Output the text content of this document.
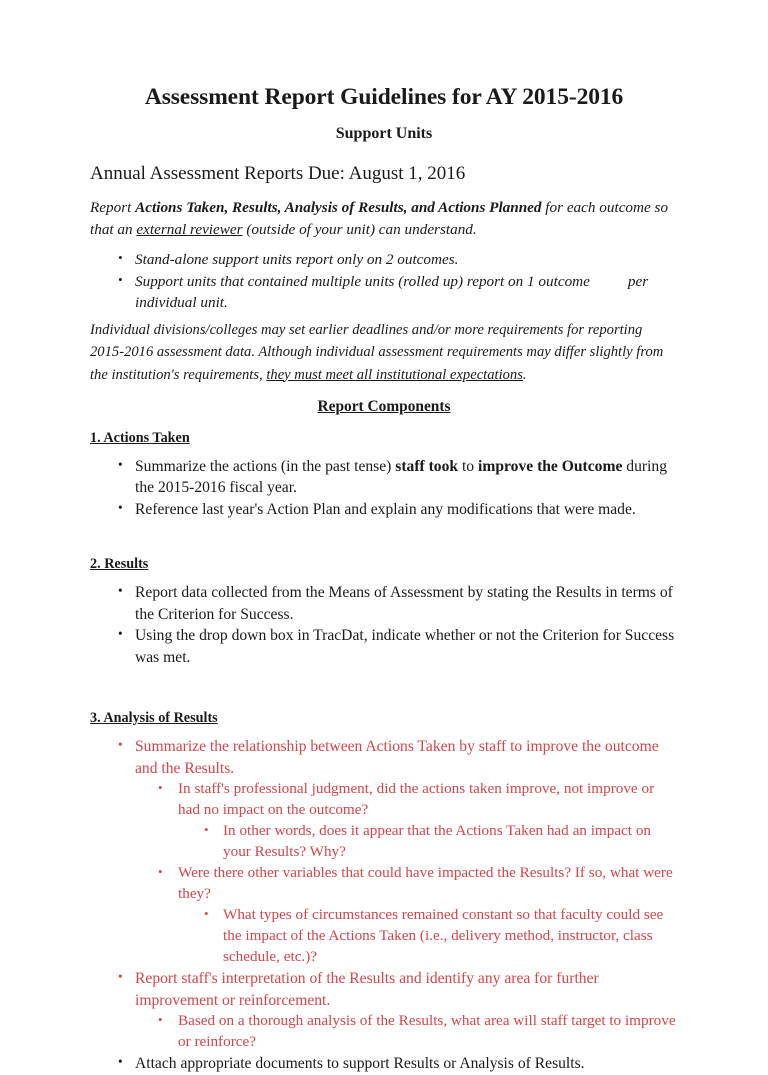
Assessment Report Guidelines for AY 2015-2016
Support Units

Annual Assessment Reports Due: August 1, 2016

Report Actions Taken, Results, Analysis of Results, and Actions Planned for each outcome so that an external reviewer (outside of your unit) can understand.

• Stand-alone support units report only on 2 outcomes.
• Support units that contained multiple units (rolled up) report on 1 outcome	per individual unit.

Individual divisions/colleges may set earlier deadlines and/or more requirements for reporting 2015-2016 assessment data. Although individual assessment requirements may differ slightly from the institution's requirements, they must meet all institutional expectations.

Report Components
1. Actions Taken
• Summarize the actions (in the past tense) staff took to improve the Outcome during the 2015-2016 fiscal year.
• Reference last year's Action Plan and explain any modifications that were made.
2. Results
• Report data collected from the Means of Assessment by stating the Results in terms of the Criterion for Success.
• Using the drop down box in TracDat, indicate whether or not the Criterion for Success was met.
3. Analysis of Results
• Summarize the relationship between Actions Taken by staff to improve the outcome and the Results.
• In staff's professional judgment, did the actions taken improve, not improve or had no impact on the outcome?
• In other words, does it appear that the Actions Taken had an impact on your Results? Why?
• Were there other variables that could have impacted the Results? If so, what were they?
• What types of circumstances remained constant so that faculty could see the impact of the Actions Taken (i.e., delivery method, instructor, class schedule, etc.)?
• Report staff's interpretation of the Results and identify any area for further improvement or reinforcement.
• Based on a thorough analysis of the Results, what area will staff target to improve or reinforce?
• Attach appropriate documents to support Results or Analysis of Results.
